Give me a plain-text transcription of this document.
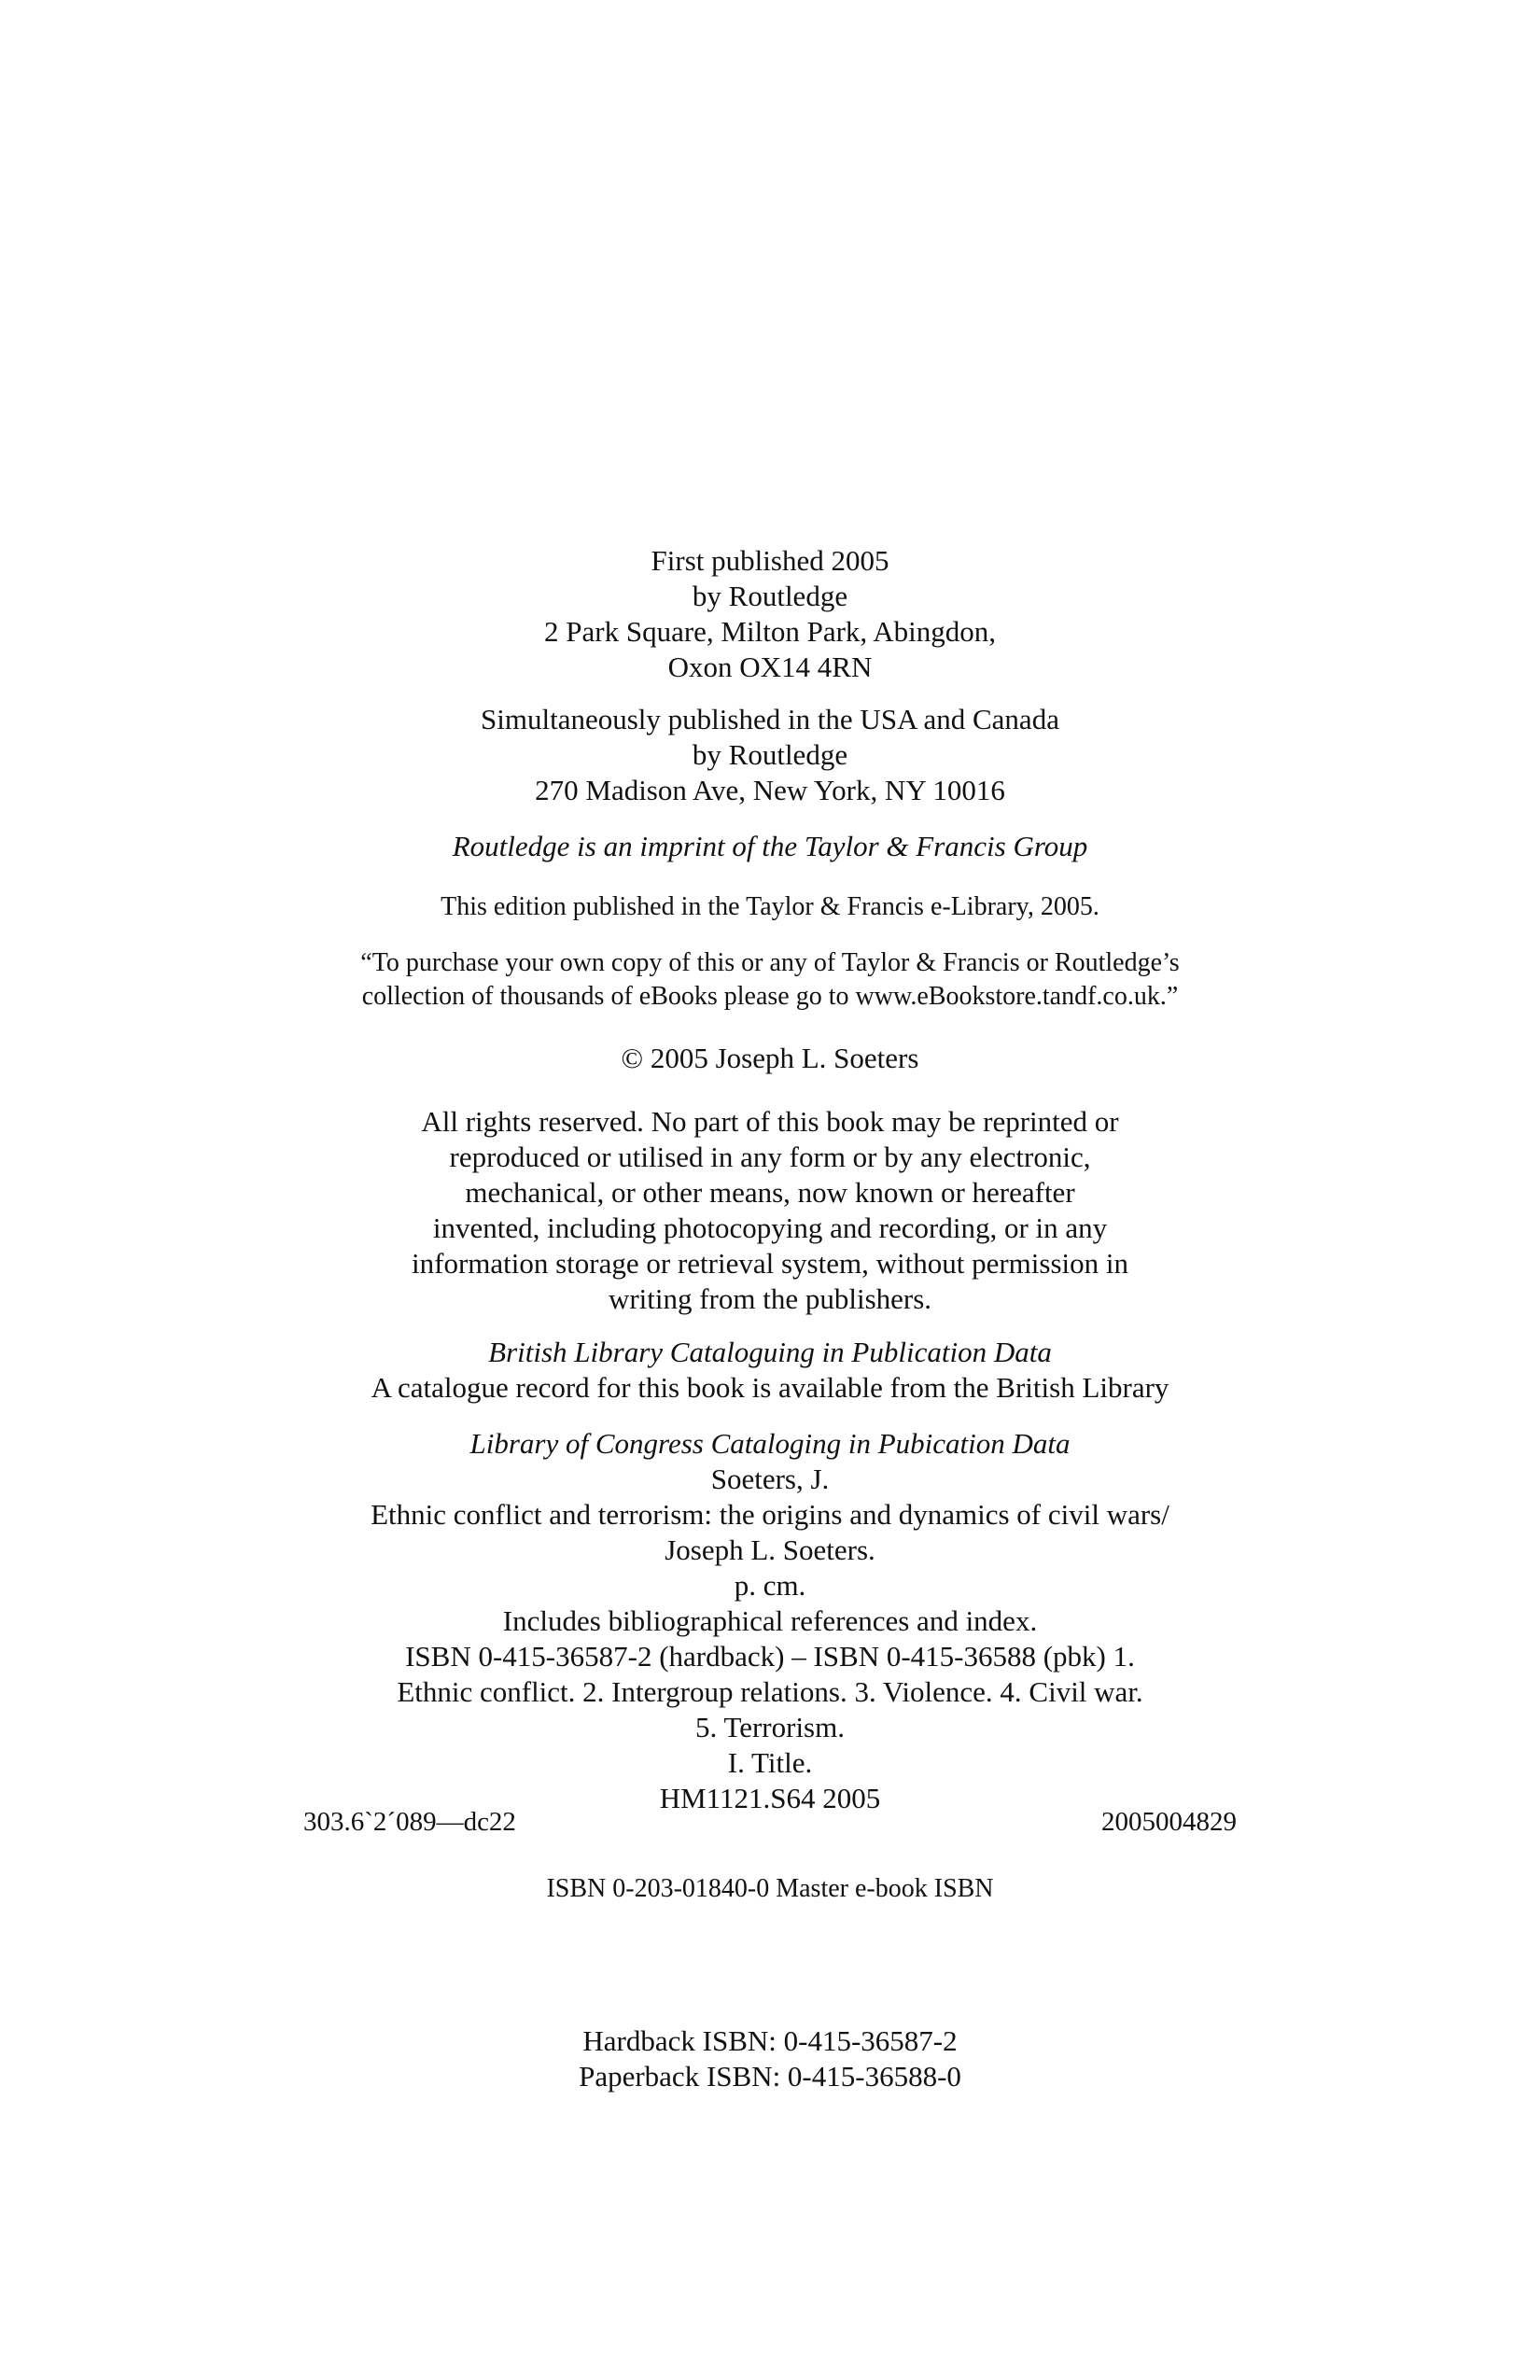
First published 2005
by Routledge
2 Park Square, Milton Park, Abingdon,
Oxon OX14 4RN
Simultaneously published in the USA and Canada
by Routledge
270 Madison Ave, New York, NY 10016
Routledge is an imprint of the Taylor & Francis Group
This edition published in the Taylor & Francis e-Library, 2005.
“To purchase your own copy of this or any of Taylor & Francis or Routledge’s
collection of thousands of eBooks please go to www.eBookstore.tandf.co.uk.”
© 2005 Joseph L. Soeters
All rights reserved. No part of this book may be reprinted or
reproduced or utilised in any form or by any electronic,
mechanical, or other means, now known or hereafter
invented, including photocopying and recording, or in any
information storage or retrieval system, without permission in
writing from the publishers.
British Library Cataloguing in Publication Data
A catalogue record for this book is available from the British Library
Library of Congress Cataloging in Pubication Data
Soeters, J.
Ethnic conflict and terrorism: the origins and dynamics of civil wars/
Joseph L. Soeters.
p. cm.
Includes bibliographical references and index.
ISBN 0-415-36587-2 (hardback) – ISBN 0-415-36588 (pbk) 1.
Ethnic conflict. 2. Intergroup relations. 3. Violence. 4. Civil war.
5. Terrorism.
I. Title.
HM1121.S64 2005
303.6`2´089—dc22	2005004829
ISBN 0-203-01840-0 Master e-book ISBN
Hardback ISBN: 0-415-36587-2
Paperback ISBN: 0-415-36588-0
